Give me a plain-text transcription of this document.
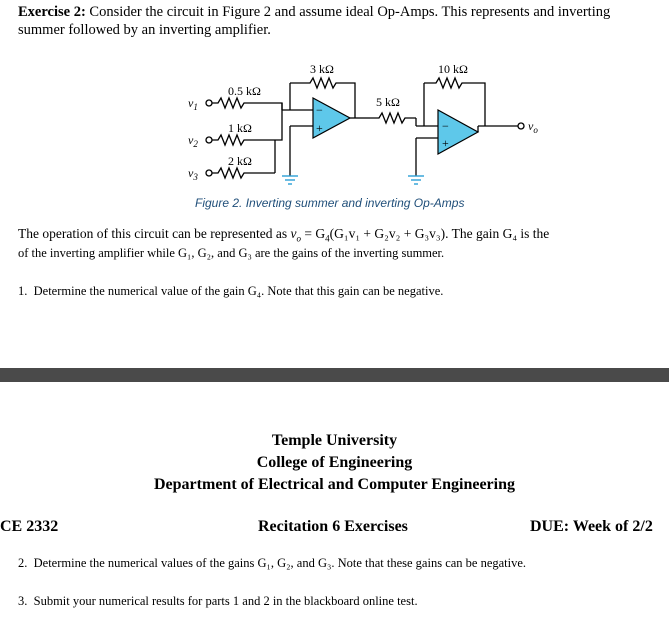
Exercise 2: Consider the circuit in Figure 2 and assume ideal Op-Amps. This represents and inverting
summer followed by an inverting amplifier.
−
+	−
+
0.5 kΩ
1 kΩ
2 kΩ
3 kΩ
5 kΩ
10 kΩ
$v_1$
$v_2$
$v_3$
$v_o$
Figure 2. Inverting summer and inverting Op-Amps
The operation of this circuit can be represented as $v_o = G_4(G_1v_1 + G_2v_2 + G_3v_3)$. The gain G₄ is the
of the inverting amplifier while G₁, G₂, and G₃ are the gains of the inverting summer.
1. Determine the numerical value of the gain G₄. Note that this gain can be negative.
Temple University
College of Engineering
Department of Electrical and Computer Engineering
CE 2332	Recitation 6 Exercises	DUE: Week of 2/2
2. Determine the numerical values of the gains G₁, G₂, and G₃. Note that these gains can be negative.
3. Submit your numerical results for parts 1 and 2 in the blackboard online test.
